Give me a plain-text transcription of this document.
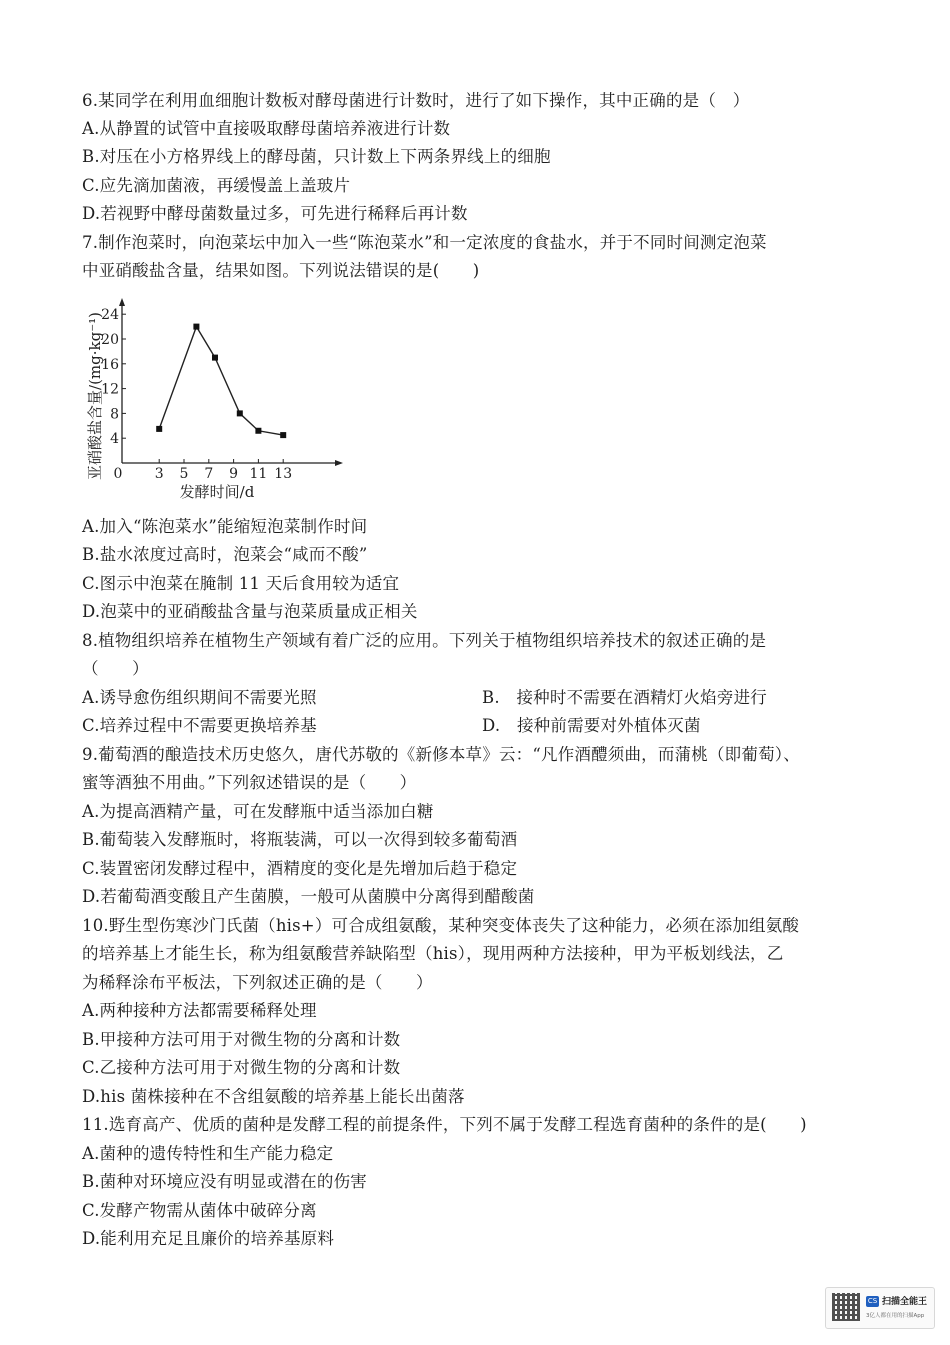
6.某同学在利用血细胞计数板对酵母菌进行计数时，进行了如下操作，其中正确的是（　）
A.从静置的试管中直接吸取酵母菌培养液进行计数
B.对压在小方格界线上的酵母菌，只计数上下两条界线上的细胞
C.应先滴加菌液，再缓慢盖上盖玻片
D.若视野中酵母菌数量过多，可先进行稀释后再计数
7.制作泡菜时，向泡菜坛中加入一些“陈泡菜水”和一定浓度的食盐水，并于不同时间测定泡菜
中亚硝酸盐含量，结果如图。下列说法错误的是(　　)
0 3 5 7 9 11 13
4
8
12
16
20
24
发酵时间/d
亚硝酸盐含量/(mg·kg⁻¹)
A.加入“陈泡菜水”能缩短泡菜制作时间
B.盐水浓度过高时，泡菜会“咸而不酸”
C.图示中泡菜在腌制 11 天后食用较为适宜
D.泡菜中的亚硝酸盐含量与泡菜质量成正相关
8.植物组织培养在植物生产领域有着广泛的应用。下列关于植物组织培养技术的叙述正确的是
（　　）
A.诱导愈伤组织期间不需要光照	B.　接种时不需要在酒精灯火焰旁进行
C.培养过程中不需要更换培养基	D.　接种前需要对外植体灭菌
9.葡萄酒的酿造技术历史悠久，唐代苏敬的《新修本草》云：“凡作酒醴须曲，而蒲桃（即葡萄）、
蜜等酒独不用曲。”下列叙述错误的是（　　）
A.为提高酒精产量，可在发酵瓶中适当添加白糖
B.葡萄装入发酵瓶时，将瓶装满，可以一次得到较多葡萄酒
C.装置密闭发酵过程中，酒精度的变化是先增加后趋于稳定
D.若葡萄酒变酸且产生菌膜，一般可从菌膜中分离得到醋酸菌
10.野生型伤寒沙门氏菌（his+）可合成组氨酸，某种突变体丧失了这种能力，必须在添加组氨酸
的培养基上才能生长，称为组氨酸营养缺陷型（his），现用两种方法接种，甲为平板划线法，乙
为稀释涂布平板法，下列叙述正确的是（　　）
A.两种接种方法都需要稀释处理
B.甲接种方法可用于对微生物的分离和计数
C.乙接种方法可用于对微生物的分离和计数
D.his 菌株接种在不含组氨酸的培养基上能长出菌落
11.选育高产、优质的菌种是发酵工程的前提条件，下列不属于发酵工程选育菌种的条件的是(　　)
A.菌种的遗传特性和生产能力稳定
B.菌种对环境应没有明显或潜在的伤害
C.发酵产物需从菌体中破碎分离
D.能利用充足且廉价的培养基原料
CS 扫描全能王
3亿人都在用的扫描App
